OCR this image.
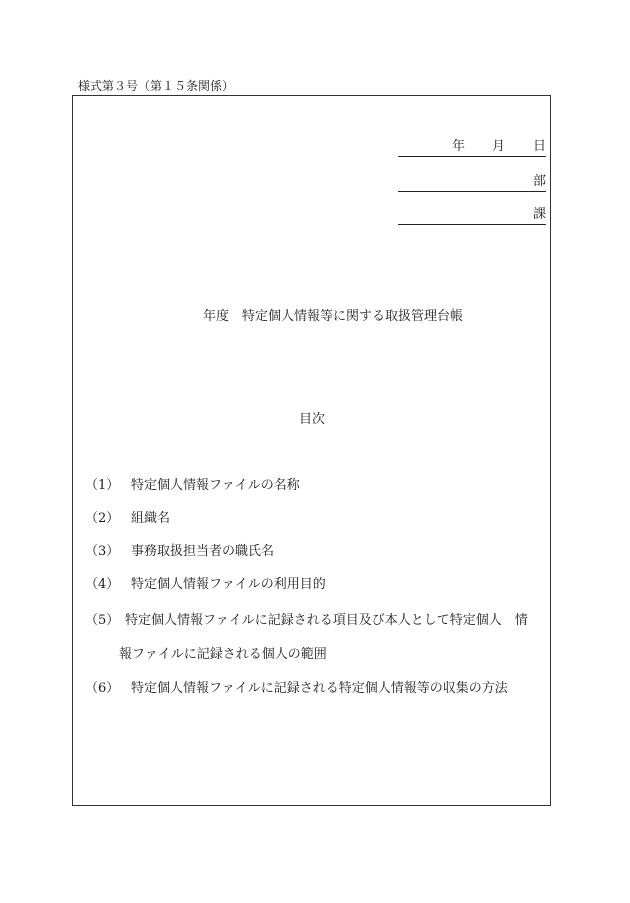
様式第３号（第１５条関係）
年 月 日
部
課
年度　特定個人情報等に関する取扱管理台帳
目次
（1） 特定個人情報ファイルの名称
（2） 組織名
（3） 事務取扱担当者の職氏名
（4） 特定個人情報ファイルの利用目的
（5） 特定個人情報ファイルに記録される項目及び本人として特定個人　情
報ファイルに記録される個人の範囲
（6） 特定個人情報ファイルに記録される特定個人情報等の収集の方法
